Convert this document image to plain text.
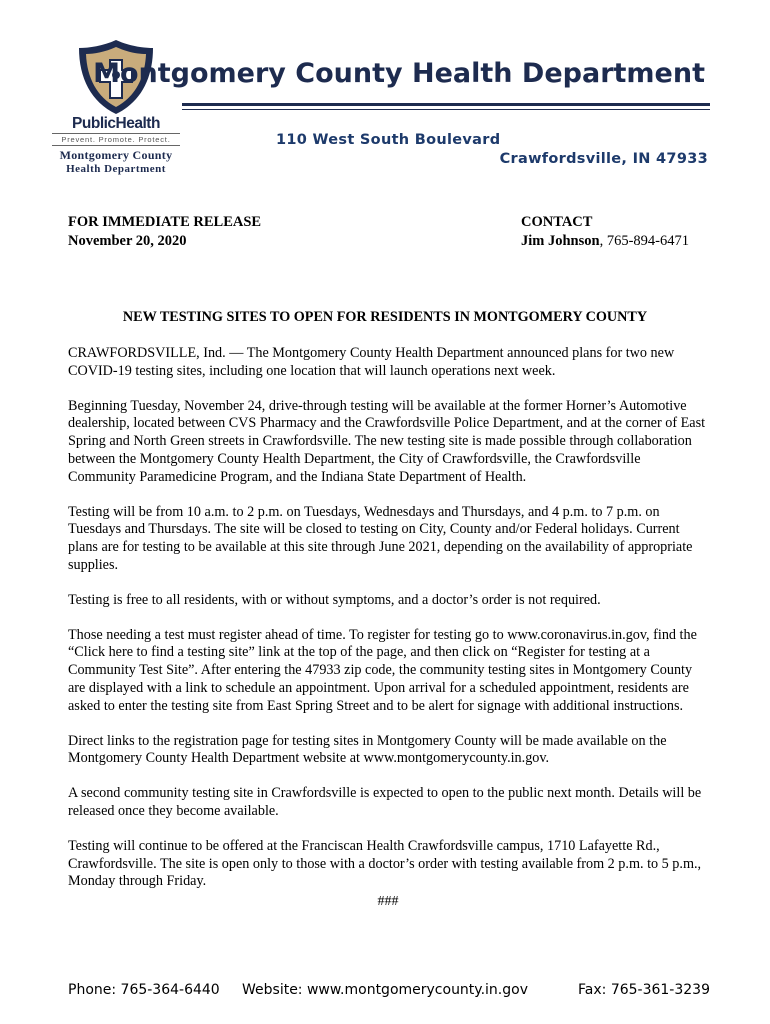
PublicHealth
Prevent. Promote. Protect.
Montgomery County
Health Department
Montgomery County Health Department
110 West South Boulevard
Crawfordsville, IN 47933
FOR IMMEDIATE RELEASE
November 20, 2020
CONTACT
Jim Johnson, 765-894-6471
NEW TESTING SITES TO OPEN FOR RESIDENTS IN MONTGOMERY COUNTY

CRAWFORDSVILLE, Ind. — The Montgomery County Health Department announced plans for two new COVID-19 testing sites, including one location that will launch operations next week.

Beginning Tuesday, November 24, drive-through testing will be available at the former Horner’s Automotive dealership, located between CVS Pharmacy and the Crawfordsville Police Department, and at the corner of East Spring and North Green streets in Crawfordsville. The new testing site is made possible through collaboration between the Montgomery County Health Department, the City of Crawfordsville, the Crawfordsville Community Paramedicine Program, and the Indiana State Department of Health.

Testing will be from 10 a.m. to 2 p.m. on Tuesdays, Wednesdays and Thursdays, and 4 p.m. to 7 p.m. on Tuesdays and Thursdays. The site will be closed to testing on City, County and/or Federal holidays. Current plans are for testing to be available at this site through June 2021, depending on the availability of appropriate supplies.

Testing is free to all residents, with or without symptoms, and a doctor’s order is not required.

Those needing a test must register ahead of time. To register for testing go to www.coronavirus.in.gov, find the “Click here to find a testing site” link at the top of the page, and then click on “Register for testing at a Community Test Site”. After entering the 47933 zip code, the community testing sites in Montgomery County are displayed with a link to schedule an appointment. Upon arrival for a scheduled appointment, residents are asked to enter the testing site from East Spring Street and to be alert for signage with additional instructions.

Direct links to the registration page for testing sites in Montgomery County will be made available on the Montgomery County Health Department website at www.montgomerycounty.in.gov.

A second community testing site in Crawfordsville is expected to open to the public next month. Details will be released once they become available.

Testing will continue to be offered at the Franciscan Health Crawfordsville campus, 1710 Lafayette Rd., Crawfordsville. The site is open only to those with a doctor’s order with testing available from 2 p.m. to 5 p.m., Monday through Friday.

###
Phone: 765-364-6440 Website: www.montgomerycounty.in.gov	Fax: 765-361-3239
